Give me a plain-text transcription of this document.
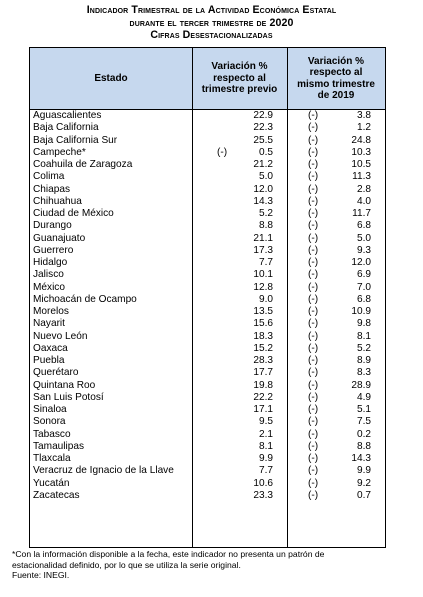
Indicador Trimestral de la Actividad Económica Estatal
durante el tercer trimestre de 2020
Cifras Desestacionalizadas
Estado
Variación %
respecto al
trimestre previo
Variación %
respecto al
mismo trimestre
de 2019
Aguascalientes	22.9	(-)	3.8
Baja California	22.3	(-)	1.2
Baja California Sur	25.5	(-)	24.8
Campeche*	(-)	0.5	(-)	10.3
Coahuila de Zaragoza	21.2	(-)	10.5
Colima	5.0	(-)	11.3
Chiapas	12.0	(-)	2.8
Chihuahua	14.3	(-)	4.0
Ciudad de México	5.2	(-)	11.7
Durango	8.8	(-)	6.8
Guanajuato	21.1	(-)	5.0
Guerrero	17.3	(-)	9.3
Hidalgo	7.7	(-)	12.0
Jalisco	10.1	(-)	6.9
México	12.8	(-)	7.0
Michoacán de Ocampo	9.0	(-)	6.8
Morelos	13.5	(-)	10.9
Nayarit	15.6	(-)	9.8
Nuevo León	18.3	(-)	8.1
Oaxaca	15.2	(-)	5.2
Puebla	28.3	(-)	8.9
Querétaro	17.7	(-)	8.3
Quintana Roo	19.8	(-)	28.9
San Luis Potosí	22.2	(-)	4.9
Sinaloa	17.1	(-)	5.1
Sonora	9.5	(-)	7.5
Tabasco	2.1	(-)	0.2
Tamaulipas	8.1	(-)	8.8
Tlaxcala	9.9	(-)	14.3
Veracruz de Ignacio de la Llave	7.7	(-)	9.9
Yucatán	10.6	(-)	9.2
Zacatecas	23.3	(-)	0.7
*Con la información disponible a la fecha, este indicador no presenta un patrón de
estacionalidad definido, por lo que se utiliza la serie original.
Fuente: INEGI.
